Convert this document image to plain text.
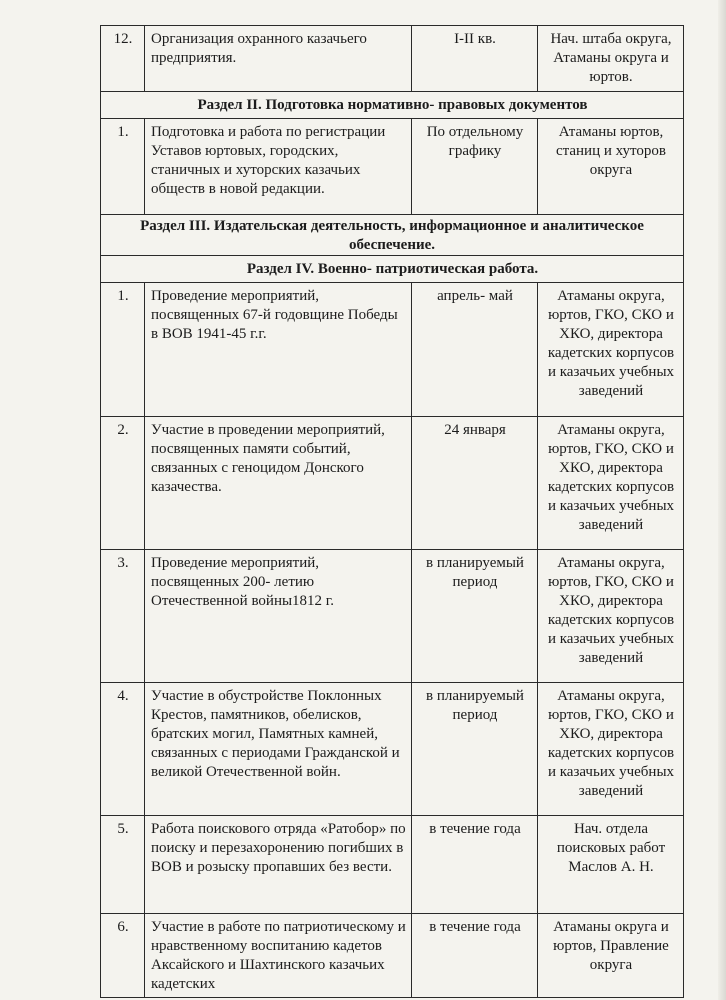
12.	Организация охранного казачьего предприятия.	I-II кв.	Нач. штаба округа, Атаманы округа и юртов.
Раздел II. Подготовка нормативно- правовых документов			
1.	Подготовка и работа по регистрации Уставов юртовых, городских, станичных и хуторских казачьих обществ в новой редакции.	По отдельному графику	Атаманы юртов, станиц и хуторов округа
Раздел III. Издательская деятельность, информационное и аналитическое обеспечение.			
Раздел IV. Военно- патриотическая работа.			
1.	Проведение мероприятий, посвященных 67-й годовщине Победы в ВОВ 1941-45 г.г.	апрель- май	Атаманы округа, юртов, ГКО, СКО и ХКО, директора кадетских корпусов и казачьих учебных заведений
2.	Участие в проведении мероприятий, посвященных памяти событий, связанных с геноцидом Донского казачества.	24 января	Атаманы округа, юртов, ГКО, СКО и ХКО, директора кадетских корпусов и казачьих учебных заведений
3.	Проведение мероприятий, посвященных 200- летию Отечественной войны1812 г.	в планируемый период	Атаманы округа, юртов, ГКО, СКО и ХКО, директора кадетских корпусов и казачьих учебных заведений
4.	Участие в обустройстве Поклонных Крестов, памятников, обелисков, братских могил, Памятных камней, связанных с периодами Гражданской и великой Отечественной войн.	в планируемый период	Атаманы округа, юртов, ГКО, СКО и ХКО, директора кадетских корпусов и казачьих учебных заведений
5.	Работа поискового отряда «Ратобор» по поиску и перезахоронению погибших в ВОВ и розыску пропавших без вести.	в течение года	Нач. отдела поисковых работ Маслов А. Н.
6.	Участие в работе по патриотическому и нравственному воспитанию кадетов Аксайского и Шахтинского казачьих кадетских	в течение года	Атаманы округа и юртов, Правление округа
